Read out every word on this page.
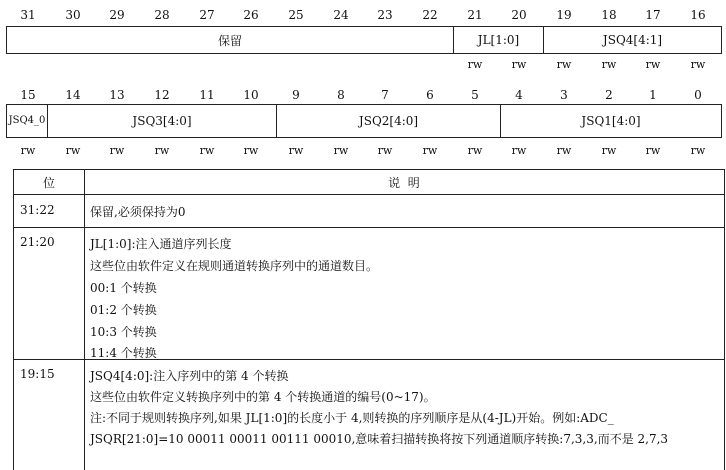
31	30	29	28	27	26	25	24	23	22	21	20	19	18	17	16
保留	JL[1:0]	JSQ4[4:1]
rw	rw	rw	rw	rw	rw
15	14	13	12	11	10	9	8	7	6	5	4	3	2	1	0
JSQ4_0	JSQ3[4:0]	JSQ2[4:0]	JSQ1[4:0]
rw	rw	rw	rw	rw	rw	rw	rw	rw	rw	rw	rw	rw	rw	rw	rw
位	说  明
31:22	保留,必须保持为0
21:20	JL[1:0]:注入通道序列长度
这些位由软件定义在规则通道转换序列中的通道数目。
00:1 个转换
01:2 个转换
10:3 个转换
11:4 个转换
19:15	JSQ4[4:0]:注入序列中的第 4 个转换
这些位由软件定义转换序列中的第 4 个转换通道的编号(0~17)。
注:不同于规则转换序列,如果 JL[1:0]的长度小于 4,则转换的序列顺序是从(4-JL)开始。例如:ADC_
JSQR[21:0]=10 00011 00011 00111 00010,意味着扫描转换将按下列通道顺序转换:7,3,3,而不是 2,7,3
